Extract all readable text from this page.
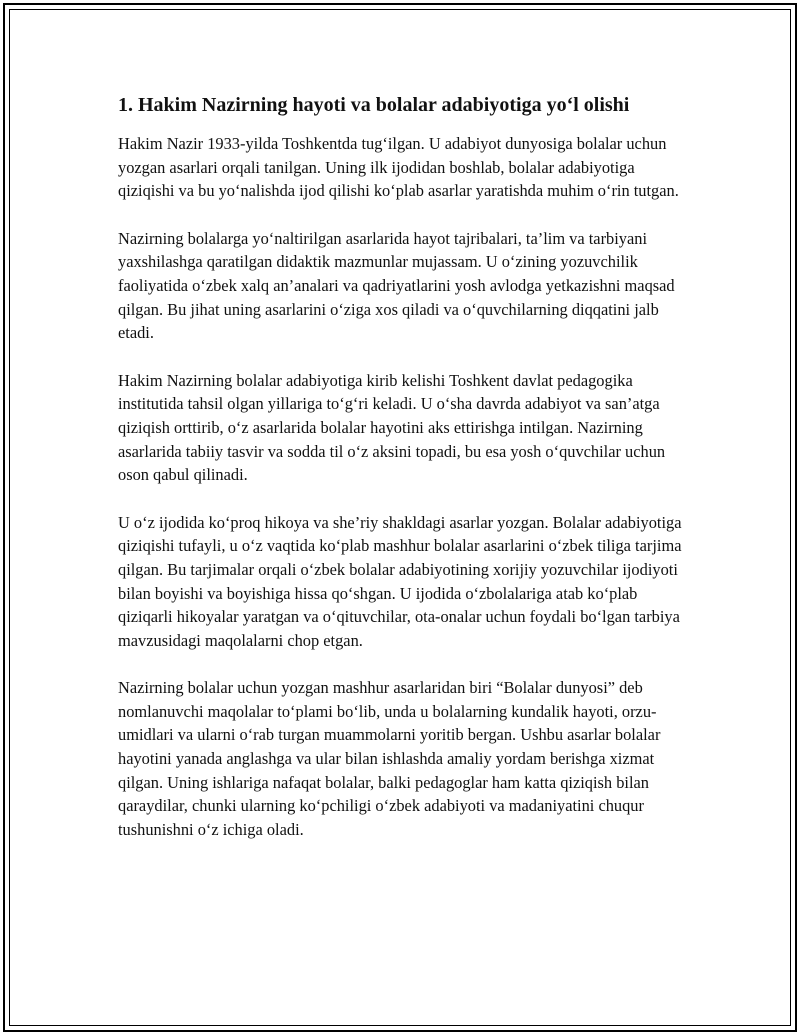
1. Hakim Nazirning hayoti va bolalar adabiyotiga yo‘l olishi

Hakim Nazir 1933-yilda Toshkentda tug‘ilgan. U adabiyot dunyosiga bolalar uchun yozgan asarlari orqali tanilgan. Uning ilk ijodidan boshlab, bolalar adabiyotiga qiziqishi va bu yo‘nalishda ijod qilishi ko‘plab asarlar yaratishda muhim o‘rin tutgan.

Nazirning bolalarga yo‘naltirilgan asarlarida hayot tajribalari, ta’lim va tarbiyani yaxshilashga qaratilgan didaktik mazmunlar mujassam. U o‘zining yozuvchilik faoliyatida o‘zbek xalq an’analari va qadriyatlarini yosh avlodga yetkazishni maqsad qilgan. Bu jihat uning asarlarini o‘ziga xos qiladi va o‘quvchilarning diqqatini jalb etadi.

Hakim Nazirning bolalar adabiyotiga kirib kelishi Toshkent davlat pedagogika institutida tahsil olgan yillariga to‘g‘ri keladi. U o‘sha davrda adabiyot va san’atga qiziqish orttirib, o‘z asarlarida bolalar hayotini aks ettirishga intilgan. Nazirning asarlarida tabiiy tasvir va sodda til o‘z aksini topadi, bu esa yosh o‘quvchilar uchun oson qabul qilinadi.

U o‘z ijodida ko‘proq hikoya va she’riy shakldagi asarlar yozgan. Bolalar adabiyotiga qiziqishi tufayli, u o‘z vaqtida ko‘plab mashhur bolalar asarlarini o‘zbek tiliga tarjima qilgan. Bu tarjimalar orqali o‘zbek bolalar adabiyotining xorijiy yozuvchilar ijodiyoti bilan boyishi va boyishiga hissa qo‘shgan. U ijodida o‘zbolalariga atab ko‘plab qiziqarli hikoyalar yaratgan va o‘qituvchilar, ota-onalar uchun foydali bo‘lgan tarbiya mavzusidagi maqolalarni chop etgan.

Nazirning bolalar uchun yozgan mashhur asarlaridan biri “Bolalar dunyosi” deb nomlanuvchi maqolalar to‘plami bo‘lib, unda u bolalarning kundalik hayoti, orzu-umidlari va ularni o‘rab turgan muammolarni yoritib bergan. Ushbu asarlar bolalar hayotini yanada anglashga va ular bilan ishlashda amaliy yordam berishga xizmat qilgan. Uning ishlariga nafaqat bolalar, balki pedagoglar ham katta qiziqish bilan qaraydilar, chunki ularning ko‘pchiligi o‘zbek adabiyoti va madaniyatini chuqur tushunishni o‘z ichiga oladi.
